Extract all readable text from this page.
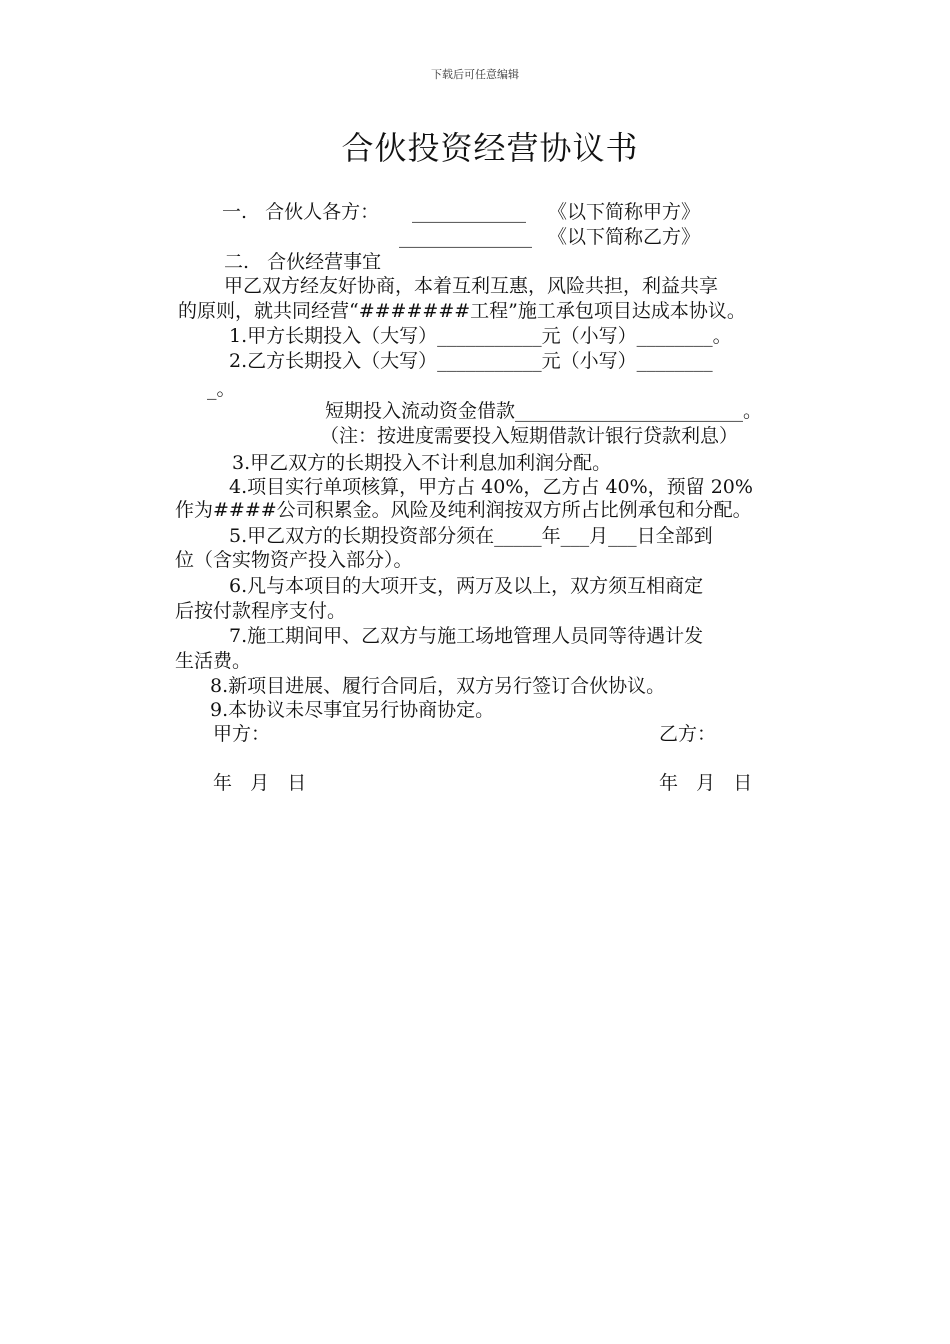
下载后可任意编辑
合伙投资经营协议书
一.   合伙人各方： ____________ 《以下简称甲方》
______________ 《以下简称乙方》
二.   合伙经营事宜
甲乙双方经友好协商，本着互利互惠，风险共担，利益共享
的原则，就共同经营“#######工程”施工承包项目达成本协议。
1.甲方长期投入（大写）___________元（小写）________。
2.乙方长期投入（大写）___________元（小写）________
_。
短期投入流动资金借款________________________。
（注：按进度需要投入短期借款计银行贷款利息）
3.甲乙双方的长期投入不计利息加利润分配。
4.项目实行单项核算，甲方占 40%，乙方占 40%，预留 20%
作为####公司积累金。风险及纯利润按双方所占比例承包和分配。
5.甲乙双方的长期投资部分须在_____年___月___日全部到
位（含实物资产投入部分）。
6.凡与本项目的大项开支，两万及以上，双方须互相商定
后按付款程序支付。
7.施工期间甲、乙双方与施工场地管理人员同等待遇计发
生活费。
8.新项目进展、履行合同后，双方另行签订合伙协议。
9.本协议未尽事宜另行协商协定。
甲方：	乙方：
年   月   日	年   月   日
